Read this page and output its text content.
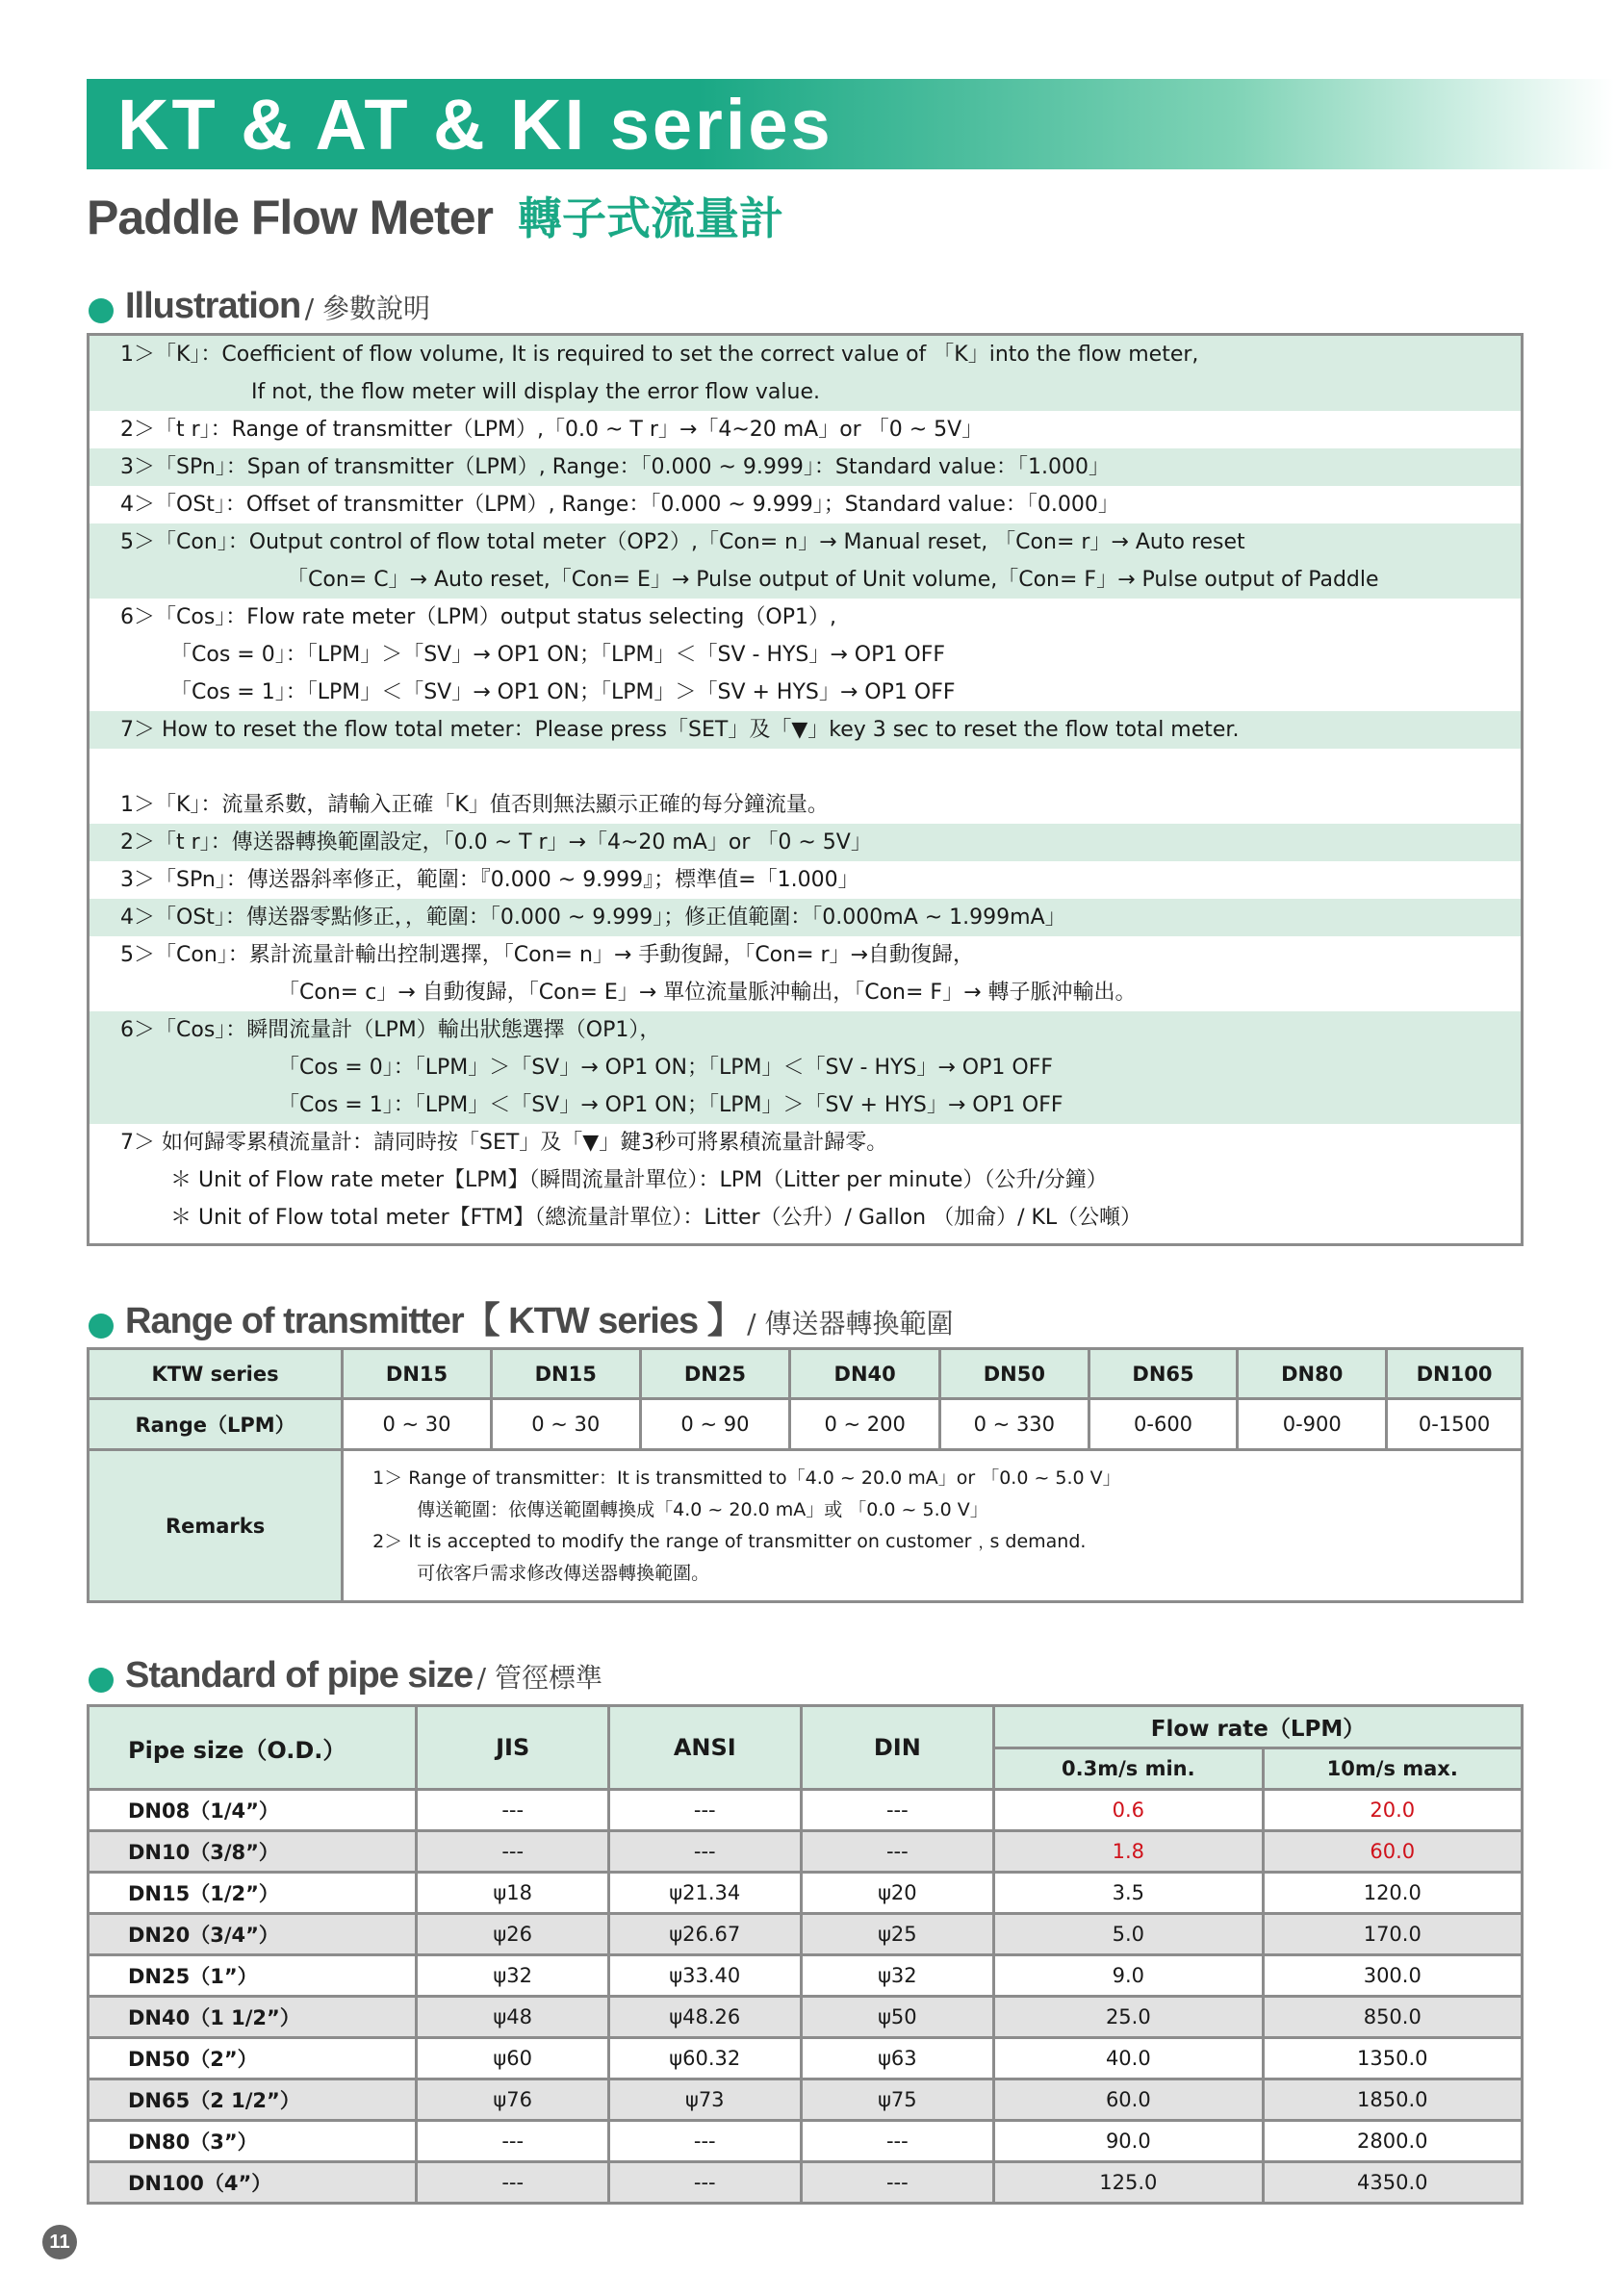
KT & AT & KI series
Paddle Flow Meter 轉子式流量計
Illustration / 參數說明

1＞「K」：Coefficient of flow volume, It is required to set the correct value of 「K」into the flow meter,

If not, the flow meter will display the error flow value.

2＞「t r」：Range of transmitter（LPM）,「0.0 ~ T r」→「4~20 mA」or 「0 ~ 5V」
3＞「SPn」：Span of transmitter（LPM）, Range：「0.000 ~ 9.999」：Standard value：「1.000」
4＞「OSt」：Offset of transmitter（LPM）, Range：「0.000 ~ 9.999」；Standard value：「0.000」

5＞「Con」：Output control of flow total meter（OP2）,「Con= n」→ Manual reset, 「Con= r」→ Auto reset

「Con= C」→ Auto reset,「Con= E」→ Pulse output of Unit volume,「Con= F」→ Pulse output of Paddle

6＞「Cos」：Flow rate meter（LPM）output status selecting（OP1）,

「Cos = 0」：「LPM」＞「SV」→ OP1 ON；「LPM」＜「SV - HYS」→ OP1 OFF

「Cos = 1」：「LPM」＜「SV」→ OP1 ON；「LPM」＞「SV + HYS」→ OP1 OFF

7＞ How to reset the flow total meter：Please press「SET」及「▼」key 3 sec to reset the flow total meter.
1＞「K」：流量系數，請輸入正確「K」值否則無法顯示正確的每分鐘流量。
2＞「t r」：傳送器轉換範圍設定，「0.0 ~ T r」→「4~20 mA」or 「0 ~ 5V」
3＞「SPn」：傳送器斜率修正，範圍：『0.000 ~ 9.999』；標準值=「1.000」
4＞「OSt」：傳送器零點修正，，範圍：「0.000 ~ 9.999」；修正值範圍：「0.000mA ~ 1.999mA」

5＞「Con」：累計流量計輸出控制選擇，「Con= n」→ 手動復歸，「Con= r」→自動復歸，

「Con= c」→ 自動復歸，「Con= E」→ 單位流量脈沖輸出，「Con= F」→ 轉子脈沖輸出。

6＞「Cos」：瞬間流量計（LPM）輸出狀態選擇（OP1），

「Cos = 0」：「LPM」＞「SV」→ OP1 ON；「LPM」＜「SV - HYS」→ OP1 OFF

「Cos = 1」：「LPM」＜「SV」→ OP1 ON；「LPM」＞「SV + HYS」→ OP1 OFF

7＞ 如何歸零累積流量計：請同時按「SET」及「▼」鍵3秒可將累積流量計歸零。

＊ Unit of Flow rate meter【LPM】（瞬間流量計單位）：LPM（Litter per minute）（公升/分鐘）

＊ Unit of Flow total meter【FTM】（總流量計單位）：Litter（公升）/ Gallon （加侖）/ KL（公噸）

Range of transmitter【 KTW series 】 / 傳送器轉換範圍
KTW series	DN15	DN15	DN25	DN40	DN50	DN65	DN80	DN100
Range（LPM）	0 ~ 30	0 ~ 30	0 ~ 90	0 ~ 200	0 ~ 330	0-600	0-900	0-1500
Remarks	1＞ Range of transmitter：It is transmitted to「4.0 ~ 20.0 mA」or 「0.0 ~ 5.0 V」
傳送範圍：依傳送範圍轉換成「4.0 ~ 20.0 mA」或 「0.0 ~ 5.0 V」
2＞ It is accepted to modify the range of transmitter on customer﹐s demand.
可依客戶需求修改傳送器轉換範圍。							
Standard of pipe size / 管徑標準
Pipe size（O.D.）	JIS	ANSI	DIN	Flow rate（LPM）	
				0.3m/s min.	10m/s max.
DN08（1/4”）	---	---	---	0.6	20.0
DN10（3/8”）	---	---	---	1.8	60.0
DN15（1/2”）	ψ18	ψ21.34	ψ20	3.5	120.0
DN20（3/4”）	ψ26	ψ26.67	ψ25	5.0	170.0
DN25（1”）	ψ32	ψ33.40	ψ32	9.0	300.0
DN40（1 1/2”）	ψ48	ψ48.26	ψ50	25.0	850.0
DN50（2”）	ψ60	ψ60.32	ψ63	40.0	1350.0
DN65（2 1/2”）	ψ76	ψ73	ψ75	60.0	1850.0
DN80（3”）	---	---	---	90.0	2800.0
DN100（4”）	---	---	---	125.0	4350.0
11
